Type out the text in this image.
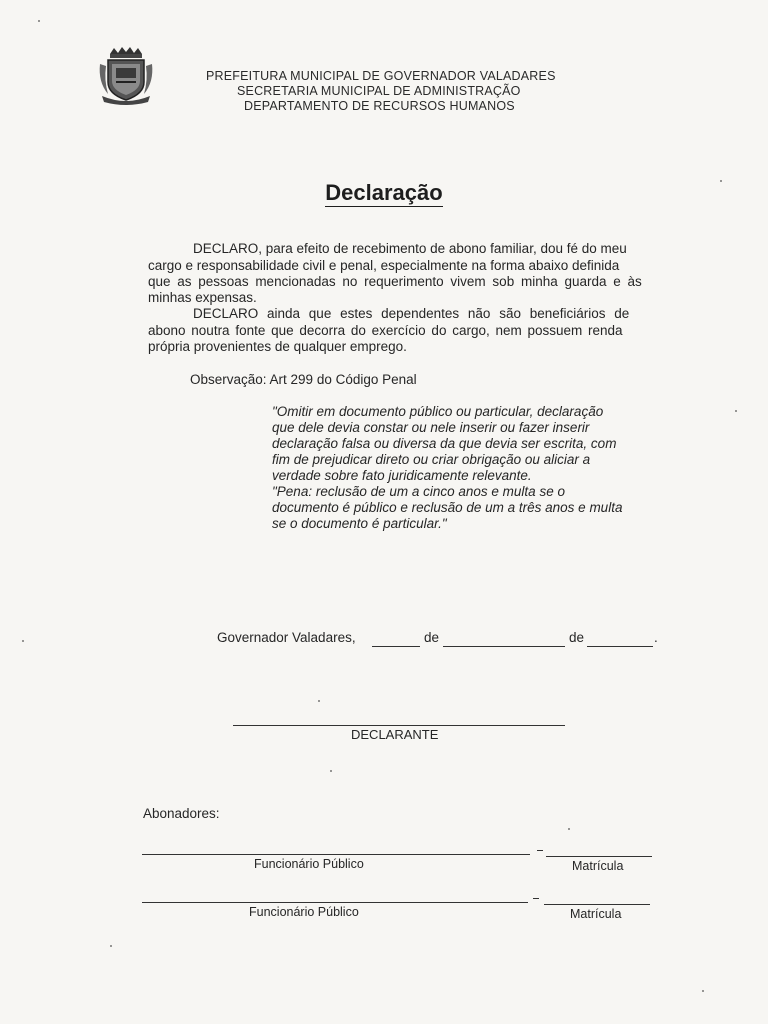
PREFEITURA MUNICIPAL DE GOVERNADOR VALADARES
SECRETARIA MUNICIPAL DE ADMINISTRAÇÃO
DEPARTAMENTO DE RECURSOS HUMANOS
Declaração
DECLARO, para efeito de recebimento de abono familiar, dou fé do meu
cargo e responsabilidade civil e penal, especialmente na forma abaixo definida
que as pessoas mencionadas no requerimento vivem sob minha guarda e às
minhas expensas.
DECLARO ainda que estes dependentes não são beneficiários de
abono noutra fonte que decorra do exercício do cargo, nem possuem renda
própria provenientes de qualquer emprego.
Observação: Art 299 do Código Penal
"Omitir em documento público ou particular, declaração
que dele devia constar ou nele inserir ou fazer inserir
declaração falsa ou diversa da que devia ser escrita, com
fim de prejudicar direto ou criar obrigação ou aliciar a
verdade sobre fato juridicamente relevante.
"Pena: reclusão de um a cinco anos e multa se o
documento é público e reclusão de um a três anos e multa
se o documento é particular."
Governador Valadares,	de	de	.
DECLARANTE
Abonadores:
Funcionário Público	Matrícula
Funcionário Público	Matrícula
